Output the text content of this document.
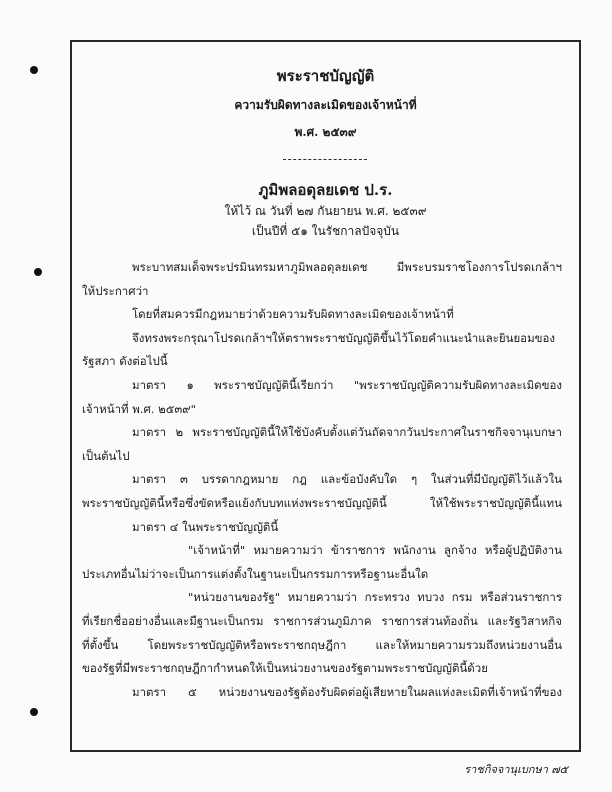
พระราชบัญญัติ
ความรับผิดทางละเมิดของเจ้าหน้าที่
พ.ศ. ๒๕๓๙
-----------------
ภูมิพลอดุลยเดช ป.ร.
ให้ไว้ ณ วันที่ ๒๗ กันยายน พ.ศ. ๒๕๓๙
เป็นปีที่ ๕๑ ในรัชกาลปัจจุบัน

พระบาทสมเด็จพระปรมินทรมหาภูมิพลอดุลยเดช มีพระบรมราชโองการโปรดเกล้าฯ

ให้ประกาศว่า

โดยที่สมควรมีกฎหมายว่าด้วยความรับผิดทางละเมิดของเจ้าหน้าที่

จึงทรงพระกรุณาโปรดเกล้าฯให้ตราพระราชบัญญัติขึ้นไว้โดยคำแนะนำและยินยอมของ

รัฐสภา ดังต่อไปนี้

มาตรา ๑ พระราชบัญญัตินี้เรียกว่า "พระราชบัญญัติความรับผิดทางละเมิดของ

เจ้าหน้าที่ พ.ศ. ๒๕๓๙"

มาตรา ๒ พระราชบัญญัตินี้ให้ใช้บังคับตั้งแต่วันถัดจากวันประกาศในราชกิจจานุเบกษา

เป็นต้นไป

มาตรา ๓ บรรดากฎหมาย กฎ และข้อบังคับใด ๆ ในส่วนที่มีบัญญัติไว้แล้วใน

พระราชบัญญัตินี้หรือซึ่งขัดหรือแย้งกับบทแห่งพระราชบัญญัตินี้ ให้ใช้พระราชบัญญัตินี้แทน

มาตรา ๔ ในพระราชบัญญัตินี้

"เจ้าหน้าที่" หมายความว่า ข้าราชการ พนักงาน ลูกจ้าง หรือผู้ปฏิบัติงาน

ประเภทอื่นไม่ว่าจะเป็นการแต่งตั้งในฐานะเป็นกรรมการหรือฐานะอื่นใด

"หน่วยงานของรัฐ" หมายความว่า กระทรวง ทบวง กรม หรือส่วนราชการ

ที่เรียกชื่ออย่างอื่นและมีฐานะเป็นกรม ราชการส่วนภูมิภาค ราชการส่วนท้องถิ่น และรัฐวิสาหกิจ

ที่ตั้งขึ้น โดยพระราชบัญญัติหรือพระราชกฤษฎีกา และให้หมายความรวมถึงหน่วยงานอื่น

ของรัฐที่มีพระราชกฤษฎีกากำหนดให้เป็นหน่วยงานของรัฐตามพระราชบัญญัตินี้ด้วย

มาตรา ๕ หน่วยงานของรัฐต้องรับผิดต่อผู้เสียหายในผลแห่งละเมิดที่เจ้าหน้าที่ของ

ราชกิจจานุเบกษา ๗๕
